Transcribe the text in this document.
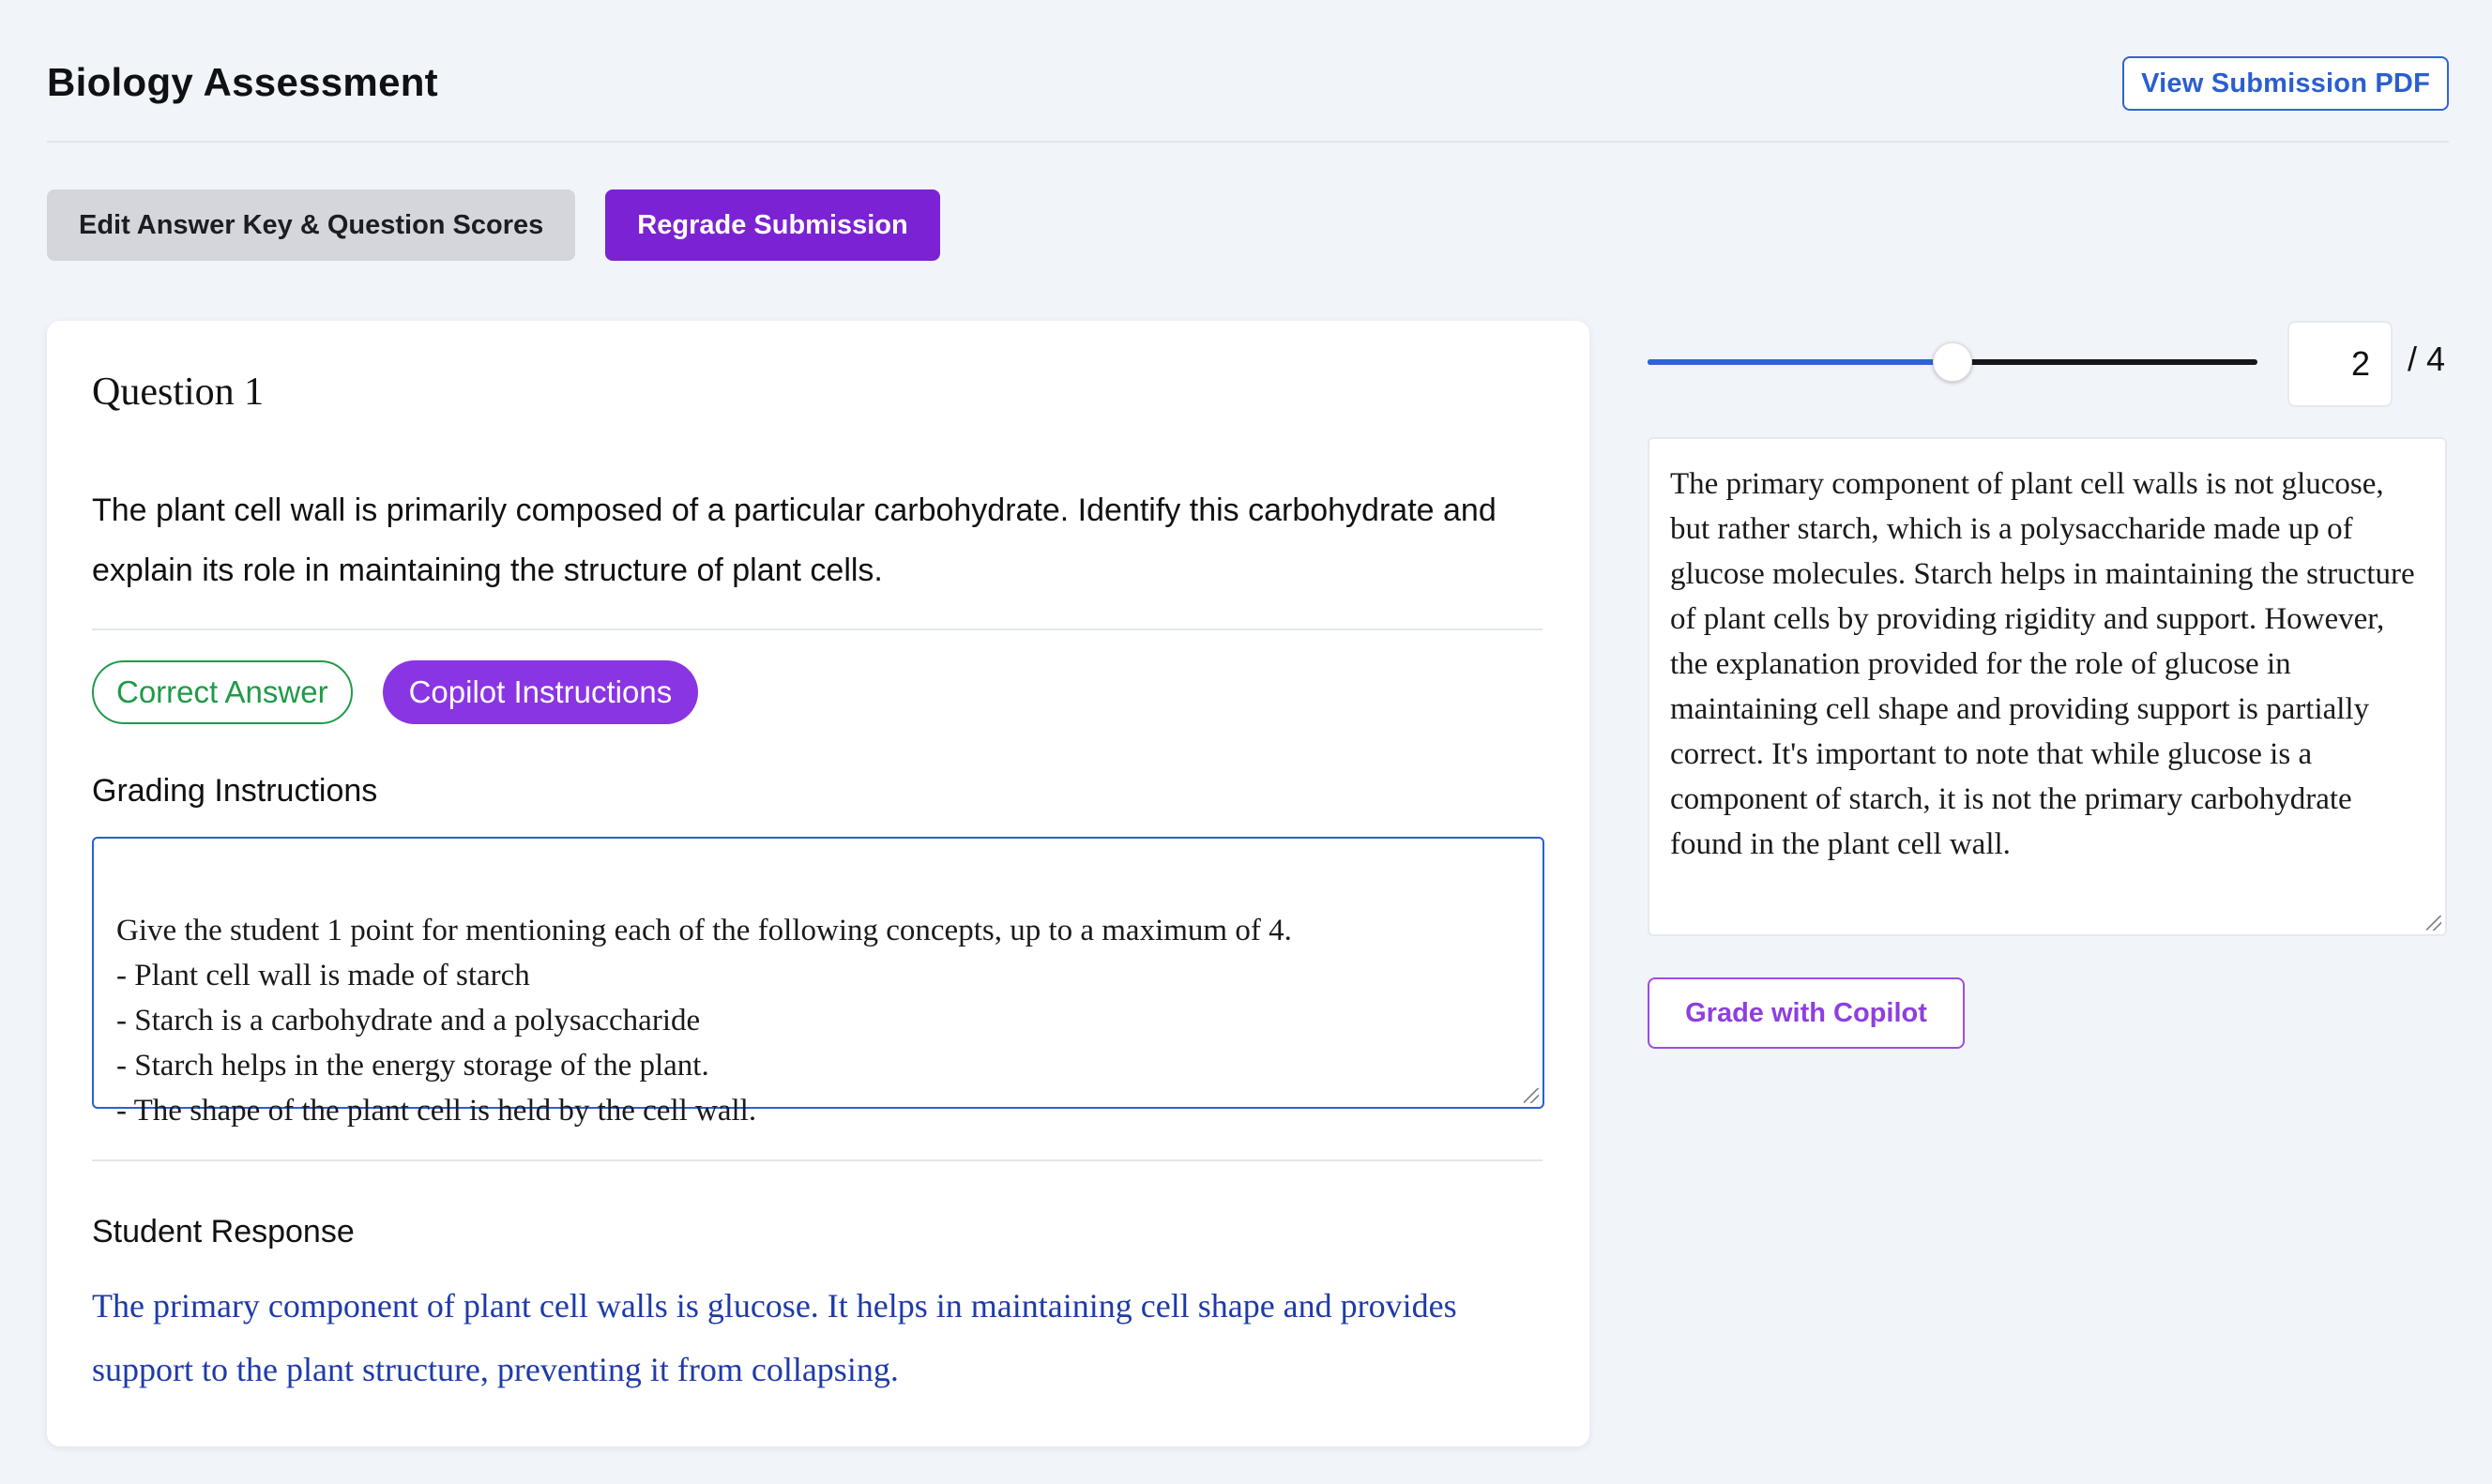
Biology Assessment	View Submission PDF
Edit Answer Key & Question Scores	Regrade Submission
Question 1
The plant cell wall is primarily composed of a particular carbohydrate. Identify this carbohydrate and explain its role in maintaining the structure of plant cells.
Correct Answer	Copilot Instructions
Grading Instructions

Give the student 1 point for mentioning each of the following concepts, up to a maximum of 4.
- Plant cell wall is made of starch
- Starch is a carbohydrate and a polysaccharide
- Starch helps in the energy storage of the plant.
- The shape of the plant cell is held by the cell wall.

Student Response
The primary component of plant cell walls is glucose. It helps in maintaining cell shape and provides support to the plant structure, preventing it from collapsing.
2	/ 4
The primary component of plant cell walls is not glucose, but rather starch, which is a polysaccharide made up of glucose molecules. Starch helps in maintaining the structure of plant cells by providing rigidity and support. However, the explanation provided for the role of glucose in maintaining cell shape and providing support is partially correct. It's important to note that while glucose is a component of starch, it is not the primary carbohydrate found in the plant cell wall.
Grade with Copilot
